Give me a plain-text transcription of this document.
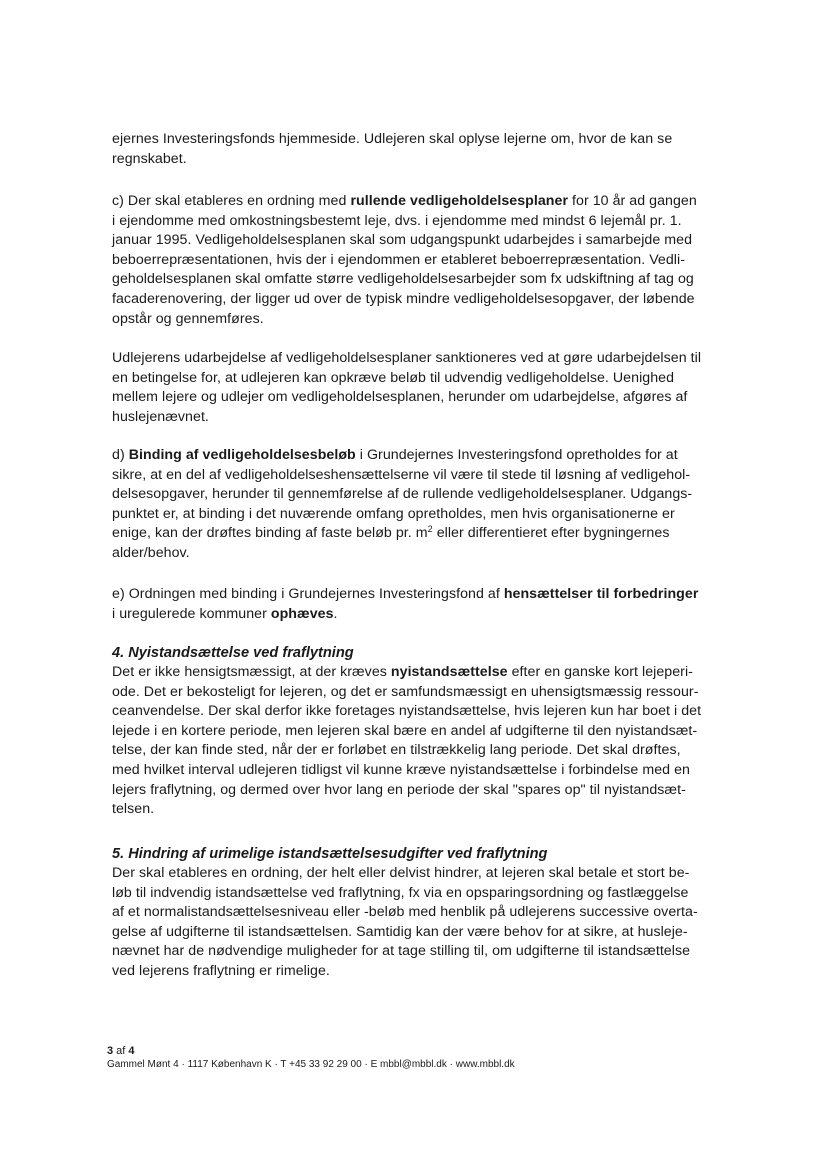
ejernes Investeringsfonds hjemmeside. Udlejeren skal oplyse lejerne om, hvor de kan se
regnskabet.
c) Der skal etableres en ordning med rullende vedligeholdelsesplaner for 10 år ad gangen
i ejendomme med omkostningsbestemt leje, dvs. i ejendomme med mindst 6 lejemål pr. 1.
januar 1995. Vedligeholdelsesplanen skal som udgangspunkt udarbejdes i samarbejde med
beboerrepræsentationen, hvis der i ejendommen er etableret beboerrepræsentation. Vedli-
geholdelsesplanen skal omfatte større vedligeholdelsesarbejder som fx udskiftning af tag og
facaderenovering, der ligger ud over de typisk mindre vedligeholdelsesopgaver, der løbende
opstår og gennemføres.
Udlejerens udarbejdelse af vedligeholdelsesplaner sanktioneres ved at gøre udarbejdelsen til
en betingelse for, at udlejeren kan opkræve beløb til udvendig vedligeholdelse. Uenighed
mellem lejere og udlejer om vedligeholdelsesplanen, herunder om udarbejdelse, afgøres af
huslejenævnet.
d) Binding af vedligeholdelsesbeløb i Grundejernes Investeringsfond opretholdes for at
sikre, at en del af vedligeholdelseshensættelserne vil være til stede til løsning af vedligehol-
delsesopgaver, herunder til gennemførelse af de rullende vedligeholdelsesplaner. Udgangs-
punktet er, at binding i det nuværende omfang opretholdes, men hvis organisationerne er
enige, kan der drøftes binding af faste beløb pr. $m^2$ eller differentieret efter bygningernes
alder/behov.
e) Ordningen med binding i Grundejernes Investeringsfond af hensættelser til forbedringer
i uregulerede kommuner ophæves.
4. Nyistandsættelse ved fraflytning
Det er ikke hensigtsmæssigt, at der kræves nyistandsættelse efter en ganske kort lejeperi-
ode. Det er bekosteligt for lejeren, og det er samfundsmæssigt en uhensigtsmæssig ressour-
ceanvendelse. Der skal derfor ikke foretages nyistandsættelse, hvis lejeren kun har boet i det
lejede i en kortere periode, men lejeren skal bære en andel af udgifterne til den nyistandsæt-
telse, der kan finde sted, når der er forløbet en tilstrækkelig lang periode. Det skal drøftes,
med hvilket interval udlejeren tidligst vil kunne kræve nyistandsættelse i forbindelse med en
lejers fraflytning, og dermed over hvor lang en periode der skal "spares op" til nyistandsæt-
telsen.
5. Hindring af urimelige istandsættelsesudgifter ved fraflytning
Der skal etableres en ordning, der helt eller delvist hindrer, at lejeren skal betale et stort be-
løb til indvendig istandsættelse ved fraflytning, fx via en opsparingsordning og fastlæggelse
af et normalistandsættelsesniveau eller -beløb med henblik på udlejerens successive overta-
gelse af udgifterne til istandsættelsen. Samtidig kan der være behov for at sikre, at husleje-
nævnet har de nødvendige muligheder for at tage stilling til, om udgifterne til istandsættelse
ved lejerens fraflytning er rimelige.
3 af 4
Gammel Mønt 4 · 1117 København K · T +45 33 92 29 00 · E mbbl@mbbl.dk · www.mbbl.dk
